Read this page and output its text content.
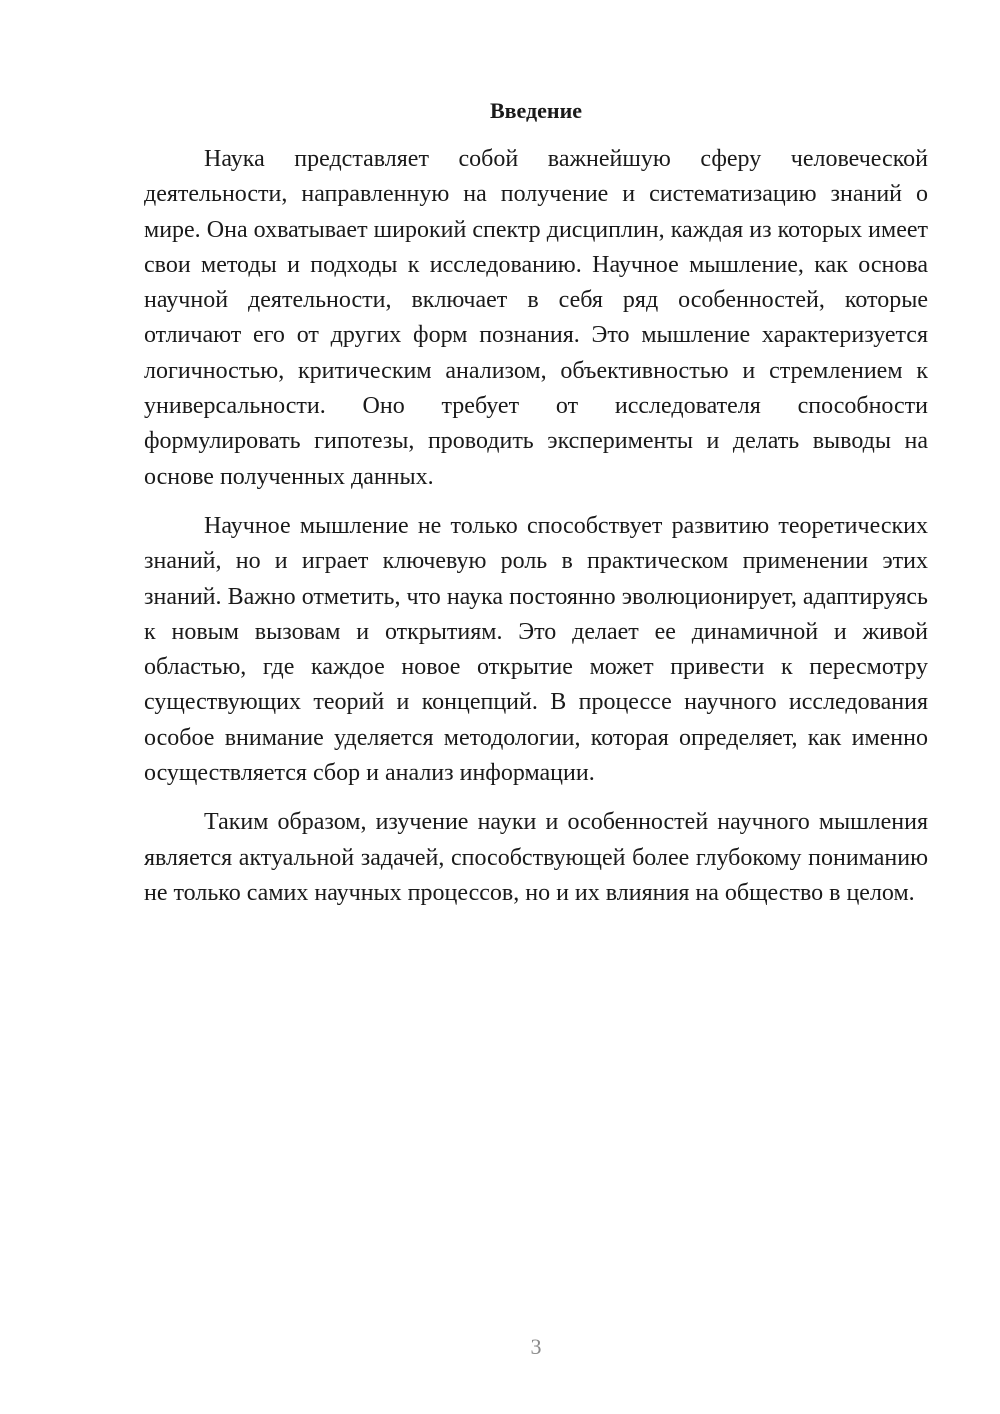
Введение

Наука представляет собой важнейшую сферу человеческой деятельности, направленную на получение и систематизацию знаний о мире. Она охватывает широкий спектр дисциплин, каждая из которых имеет свои методы и подходы к исследованию. Научное мышление, как основа научной деятельности, включает в себя ряд особенностей, которые отличают его от других форм познания. Это мышление характеризуется логичностью, критическим анализом, объективностью и стремлением к универсальности. Оно требует от исследователя способности формулировать гипотезы, проводить эксперименты и делать выводы на основе полученных данных.

Научное мышление не только способствует развитию теоретических знаний, но и играет ключевую роль в практическом применении этих знаний. Важно отметить, что наука постоянно эволюционирует, адаптируясь к новым вызовам и открытиям. Это делает ее динамичной и живой областью, где каждое новое открытие может привести к пересмотру существующих теорий и концепций. В процессе научного исследования особое внимание уделяется методологии, которая определяет, как именно осуществляется сбор и анализ информации.

Таким образом, изучение науки и особенностей научного мышления является актуальной задачей, способствующей более глубокому пониманию не только самих научных процессов, но и их влияния на общество в целом.

3
